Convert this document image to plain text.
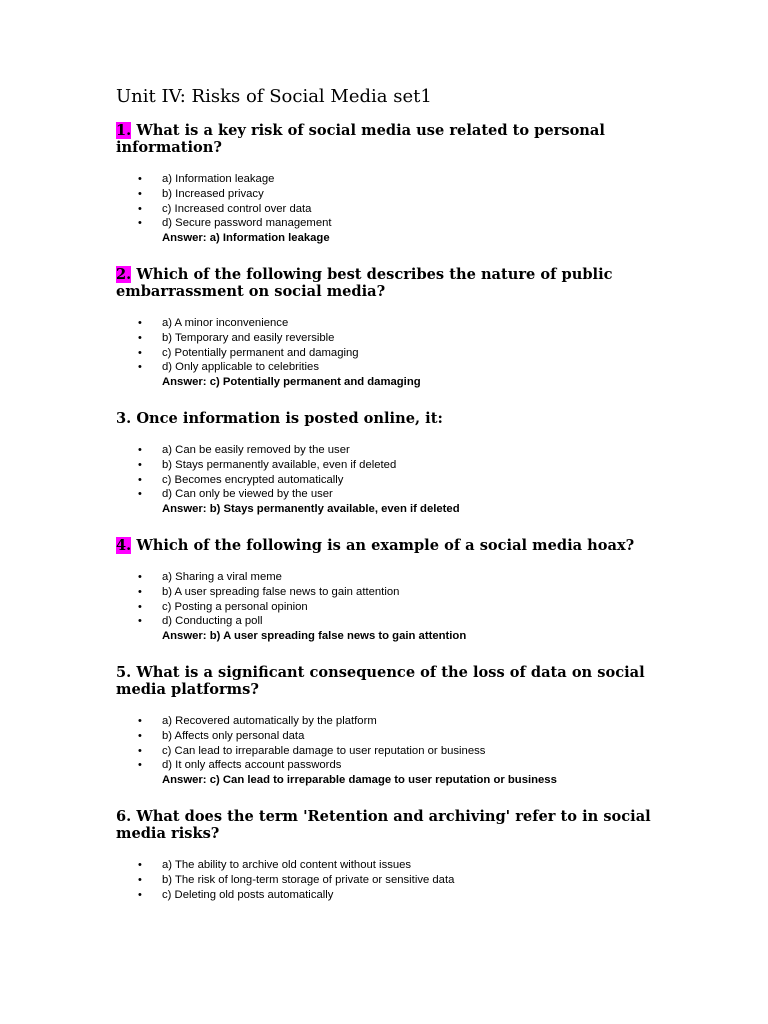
Unit IV: Risks of Social Media set1

1. What is a key risk of social media use related to personal information?

• a) Information leakage
• b) Increased privacy
• c) Increased control over data
• d) Secure password management
Answer: a) Information leakage

2. Which of the following best describes the nature of public embarrassment on social media?

• a) A minor inconvenience
• b) Temporary and easily reversible
• c) Potentially permanent and damaging
• d) Only applicable to celebrities
Answer: c) Potentially permanent and damaging

3. Once information is posted online, it:

• a) Can be easily removed by the user
• b) Stays permanently available, even if deleted
• c) Becomes encrypted automatically
• d) Can only be viewed by the user
Answer: b) Stays permanently available, even if deleted

4. Which of the following is an example of a social media hoax?

• a) Sharing a viral meme
• b) A user spreading false news to gain attention
• c) Posting a personal opinion
• d) Conducting a poll
Answer: b) A user spreading false news to gain attention

5. What is a significant consequence of the loss of data on social media platforms?

• a) Recovered automatically by the platform
• b) Affects only personal data
• c) Can lead to irreparable damage to user reputation or business
• d) It only affects account passwords
Answer: c) Can lead to irreparable damage to user reputation or business

6. What does the term 'Retention and archiving' refer to in social media risks?

• a) The ability to archive old content without issues
• b) The risk of long-term storage of private or sensitive data
• c) Deleting old posts automatically
